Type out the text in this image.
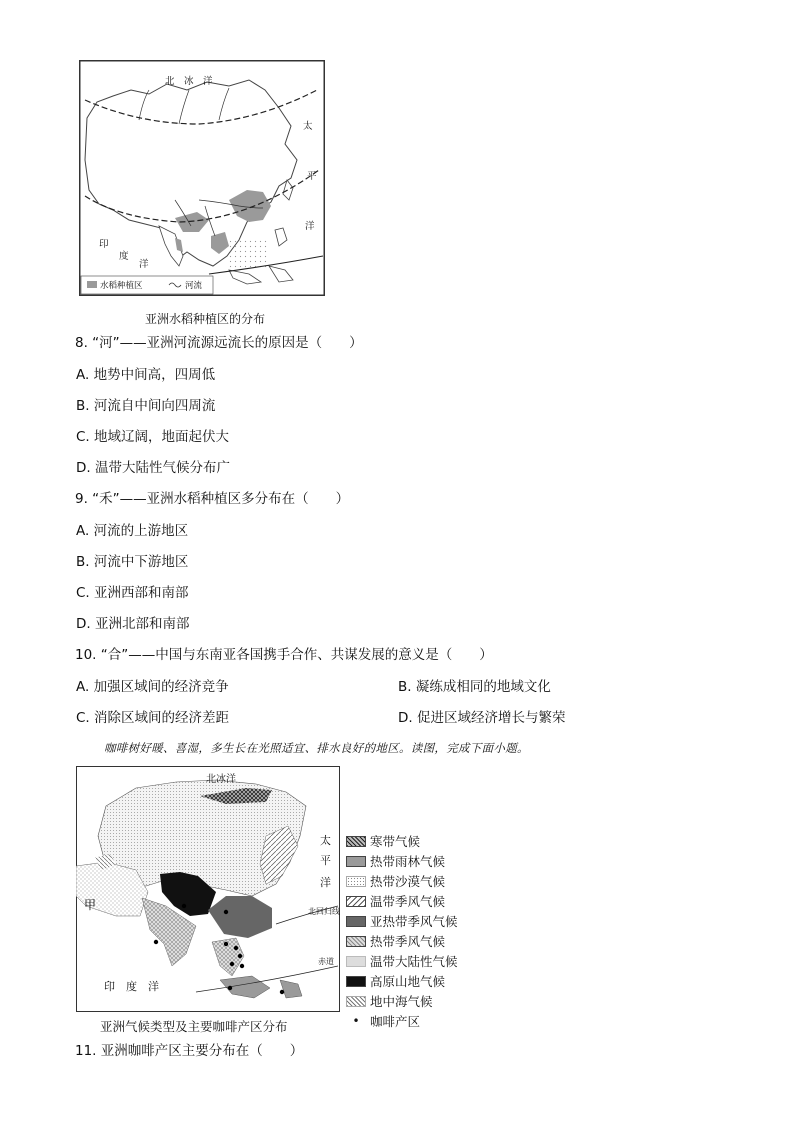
北　冰　洋
太
平
洋
印
度
洋
水稻种植区	河流
亚洲水稻种植区的分布
8. “河”——亚洲河流源远流长的原因是（　　）
A. 地势中间高，四周低
B. 河流自中间向四周流
C. 地域辽阔，地面起伏大
D. 温带大陆性气候分布广
9. “禾”——亚洲水稻种植区多分布在（　　）
A. 河流的上游地区
B. 河流中下游地区
C. 亚洲西部和南部
D. 亚洲北部和南部
10. “合”——中国与东南亚各国携手合作、共谋发展的意义是（　　）
A. 加强区域间的经济竞争	B. 凝练成相同的地域文化
C. 消除区域间的经济差距	D. 促进区域经济增长与繁荣
咖啡树好暖、喜湿，多生长在光照适宜、排水良好的地区。读图，完成下面小题。
北冰洋
太
平
洋
甲	北回归线
赤道
印　度　洋
亚洲气候类型及主要咖啡产区分布
寒带气候
热带雨林气候
热带沙漠气候
温带季风气候
亚热带季风气候
热带季风气候
温带大陆性气候
高原山地气候
地中海气候
• 咖啡产区
11. 亚洲咖啡产区主要分布在（　　）
